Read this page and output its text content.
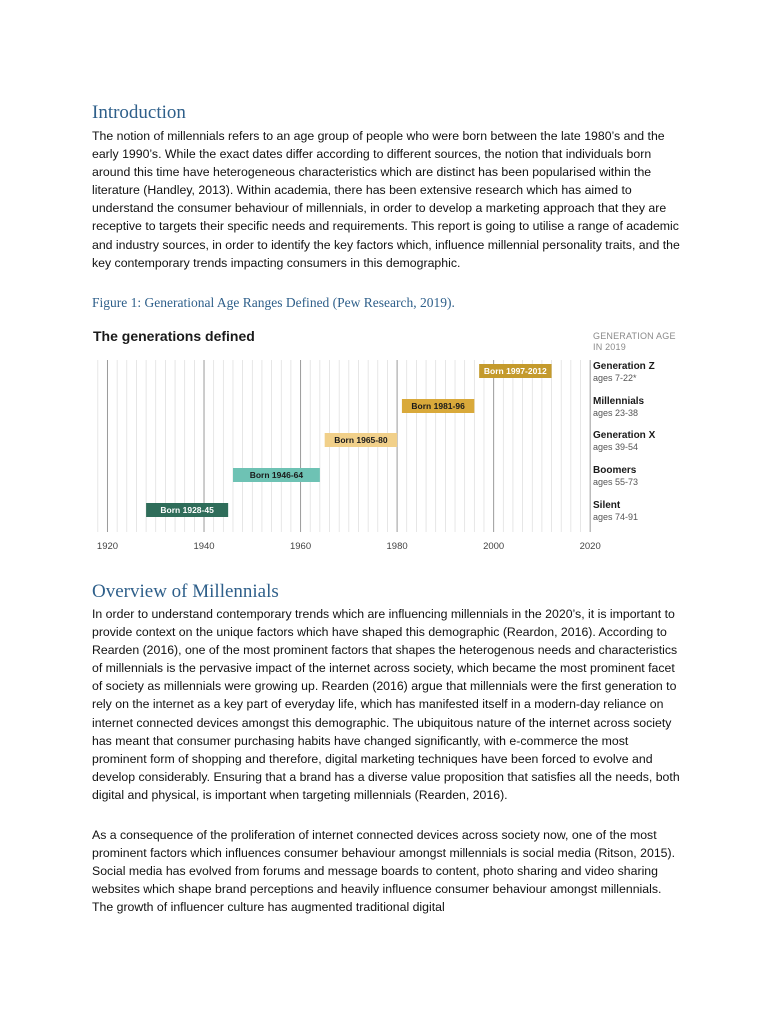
Introduction

The notion of millennials refers to an age group of people who were born between the late 1980’s and the early 1990’s. While the exact dates differ according to different sources, the notion that individuals born around this time have heterogeneous characteristics which are distinct has been popularised within the literature (Handley, 2013). Within academia, there has been extensive research which has aimed to understand the consumer behaviour of millennials, in order to develop a marketing approach that they are receptive to targets their specific needs and requirements. This report is going to utilise a range of academic and industry sources, in order to identify the key factors which, influence millennial personality traits, and the key contemporary trends impacting consumers in this demographic.

Figure 1: Generational Age Ranges Defined (Pew Research, 2019).

The generations defined	GENERATION AGE
IN 2019
Born 1997-2012
Born 1981-96
Born 1965-80
Born 1946-64
Born 1928-45
Generation Z
ages 7-22*
Millennials
ages 23-38
Generation X
ages 39-54
Boomers
ages 55-73
Silent
ages 74-91
1920	1940	1960	1980	2000	2020
Overview of Millennials

In order to understand contemporary trends which are influencing millennials in the 2020’s, it is important to provide context on the unique factors which have shaped this demographic (Reardon, 2016). According to Rearden (2016), one of the most prominent factors that shapes the heterogenous needs and characteristics of millennials is the pervasive impact of the internet across society, which became the most prominent facet of society as millennials were growing up. Rearden (2016) argue that millennials were the first generation to rely on the internet as a key part of everyday life, which has manifested itself in a modern-day reliance on internet connected devices amongst this demographic. The ubiquitous nature of the internet across society has meant that consumer purchasing habits have changed significantly, with e-commerce the most prominent form of shopping and therefore, digital marketing techniques have been forced to evolve and develop considerably. Ensuring that a brand has a diverse value proposition that satisfies all the needs, both digital and physical, is important when targeting millennials (Rearden, 2016).

As a consequence of the proliferation of internet connected devices across society now, one of the most prominent factors which influences consumer behaviour amongst millennials is social media (Ritson, 2015). Social media has evolved from forums and message boards to content, photo sharing and video sharing websites which shape brand perceptions and heavily influence consumer behaviour amongst millennials. The growth of influencer culture has augmented traditional digital
